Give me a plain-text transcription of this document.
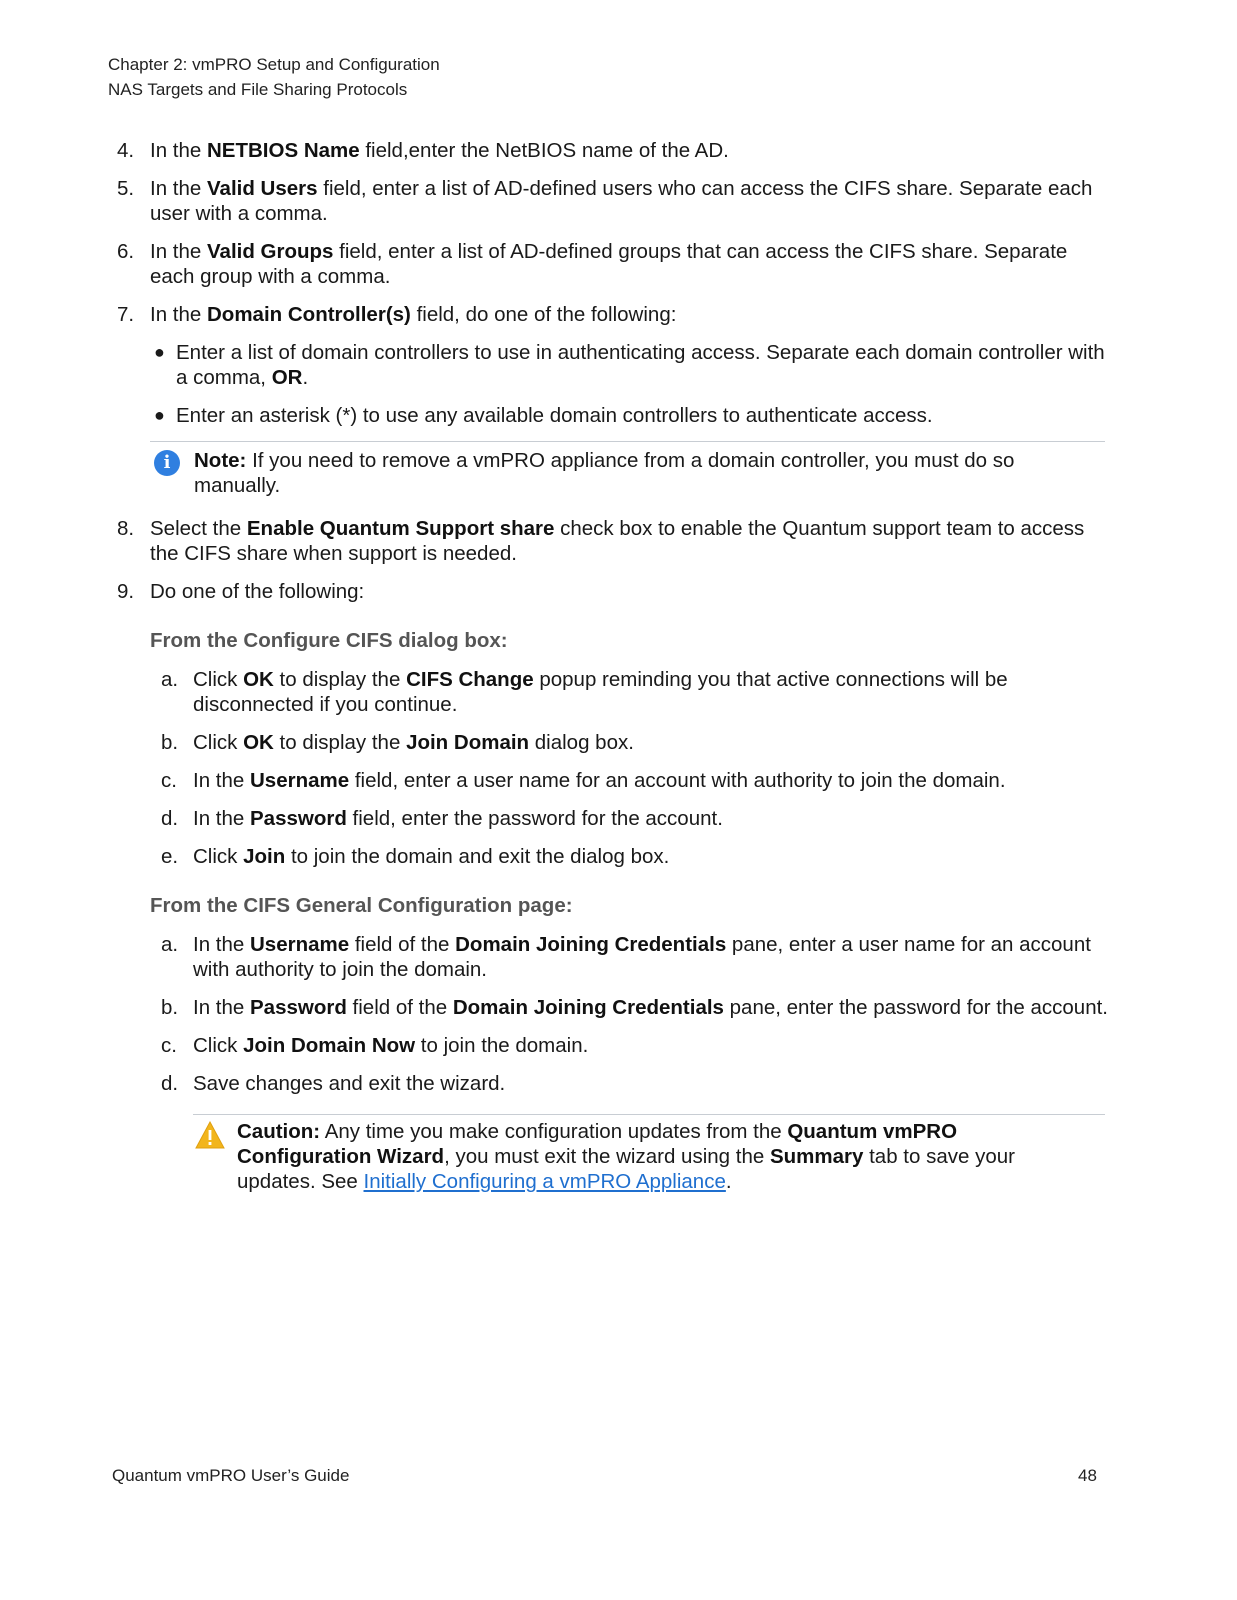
Chapter 2: vmPRO Setup and Configuration
NAS Targets and File Sharing Protocols
4. In the NETBIOS Name field,enter the NetBIOS name of the AD.
5. In the Valid Users field, enter a list of AD-defined users who can access the CIFS share. Separate each user with a comma.
6. In the Valid Groups field, enter a list of AD-defined groups that can access the CIFS share. Separate each group with a comma.
7. In the Domain Controller(s) field, do one of the following:
● Enter a list of domain controllers to use in authenticating access. Separate each domain controller with a comma, OR.
● Enter an asterisk (*) to use any available domain controllers to authenticate access.
i	Note: If you need to remove a vmPRO appliance from a domain controller, you must do so manually.
8. Select the Enable Quantum Support share check box to enable the Quantum support team to access the CIFS share when support is needed.
9. Do one of the following:
From the Configure CIFS dialog box:
a. Click OK to display the CIFS Change popup reminding you that active connections will be disconnected if you continue.
b. Click OK to display the Join Domain dialog box.
c. In the Username field, enter a user name for an account with authority to join the domain.
d. In the Password field, enter the password for the account.
e. Click Join to join the domain and exit the dialog box.
From the CIFS General Configuration page:
a. In the Username field of the Domain Joining Credentials pane, enter a user name for an account with authority to join the domain.
b. In the Password field of the Domain Joining Credentials pane, enter the password for the account.
c. Click Join Domain Now to join the domain.
d. Save changes and exit the wizard.
Caution: Any time you make configuration updates from the Quantum vmPRO Configuration Wizard, you must exit the wizard using the Summary tab to save your updates. See Initially Configuring a vmPRO Appliance.
Quantum vmPRO User’s Guide	48
